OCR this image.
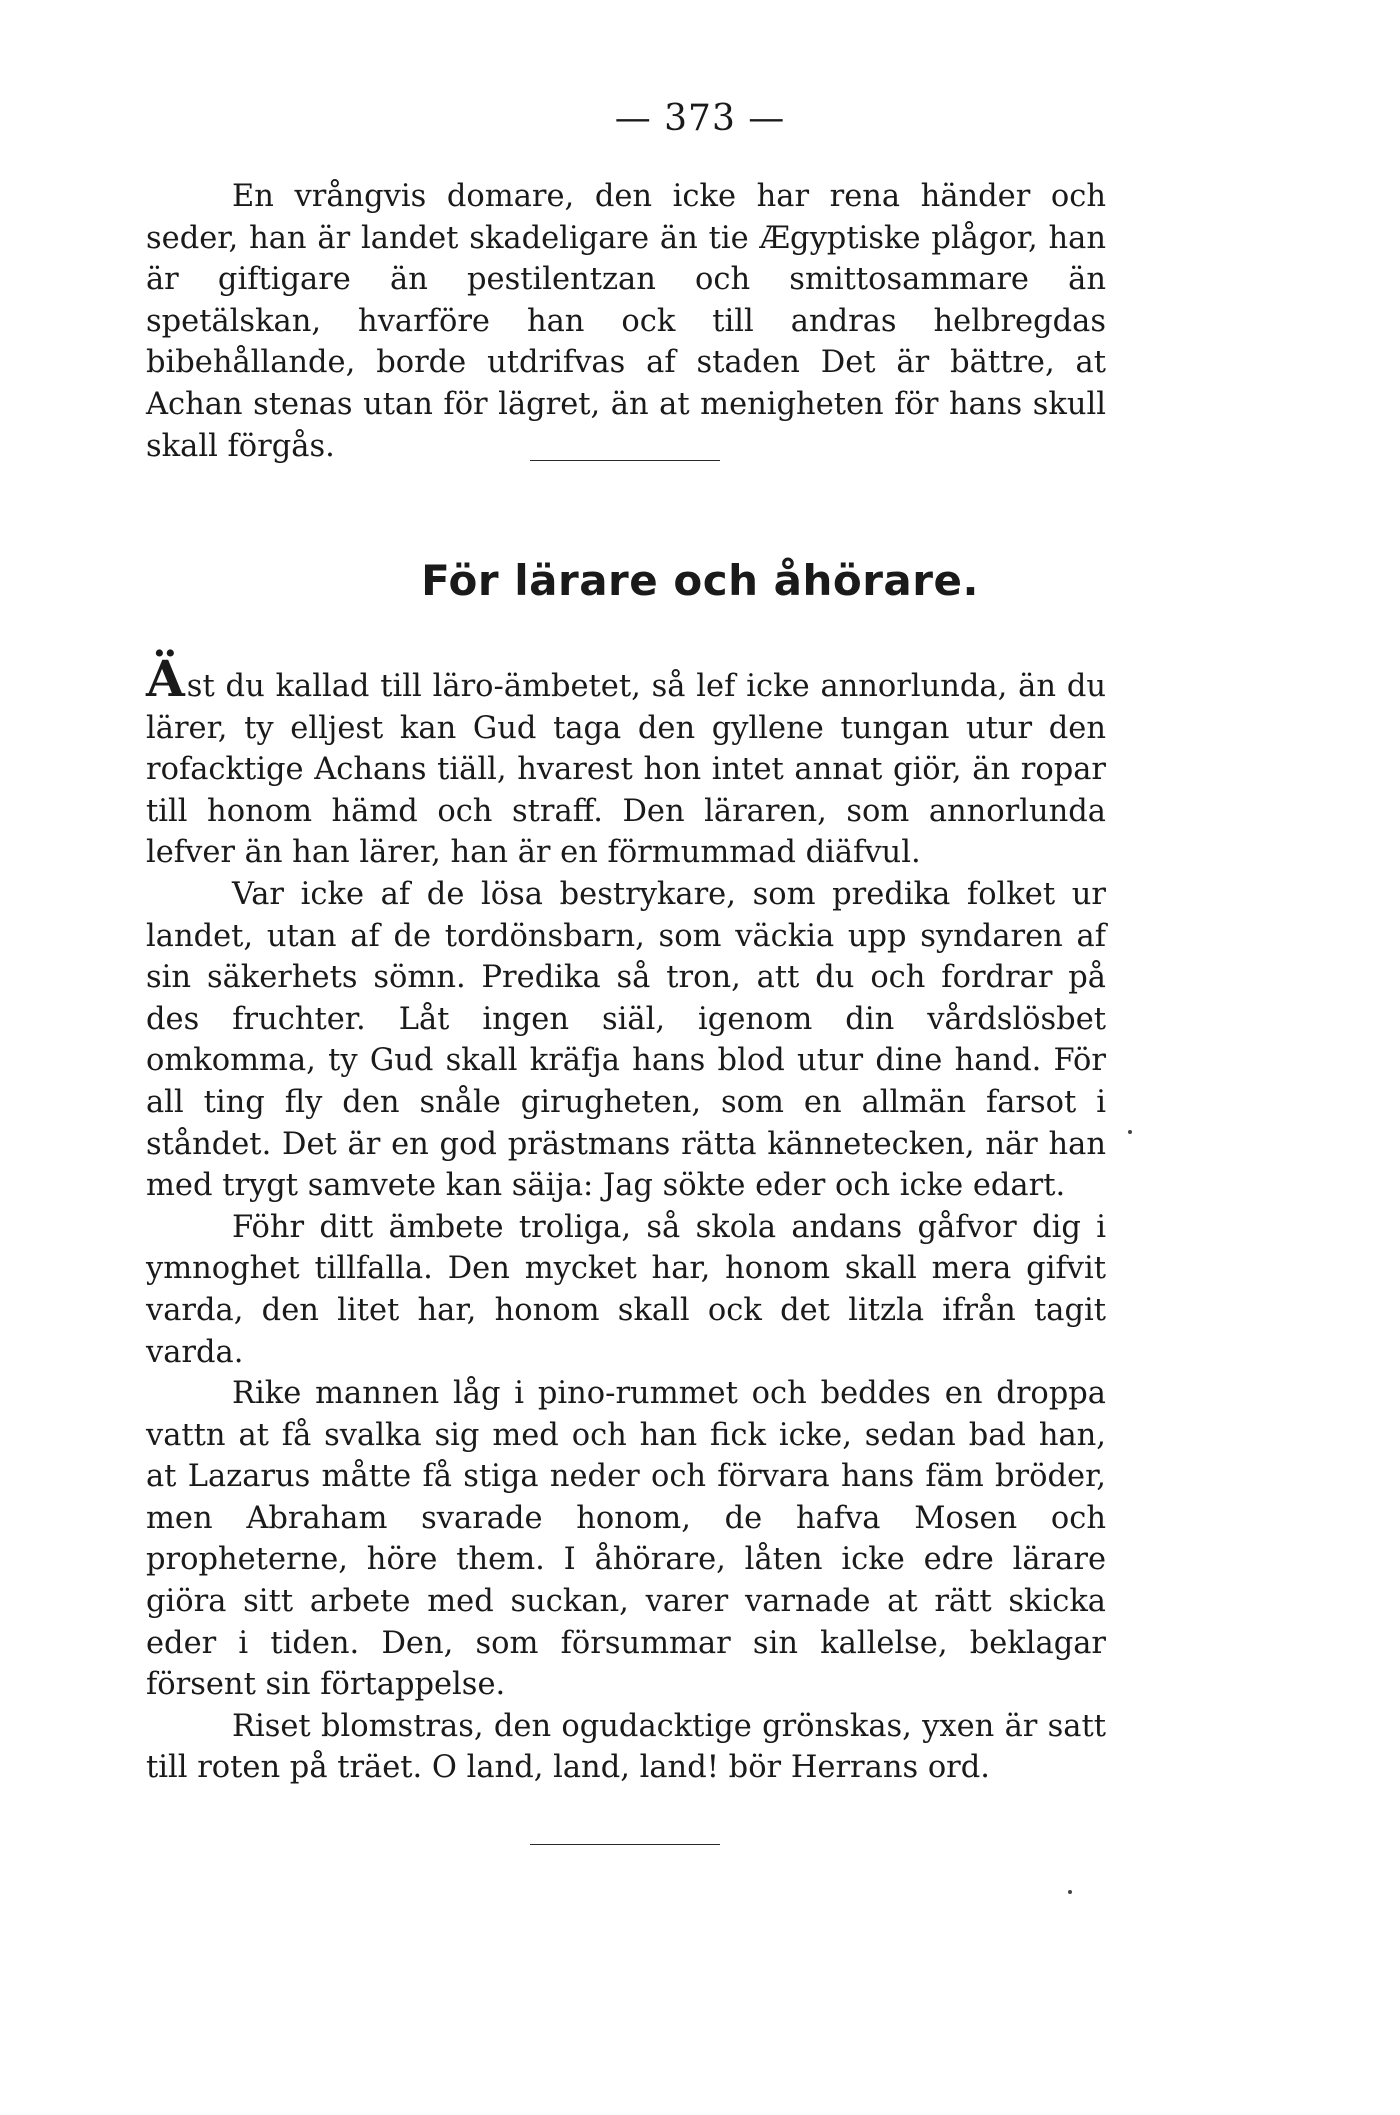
— 373 —

En vrångvis domare, den icke har rena händer och seder, han är landet skadeligare än tie Ægyptiske plågor, han är giftigare än pestilentzan och smittosammare än spetälskan, hvarföre han ock till andras helbregdas bibehållande, borde utdrifvas af staden Det är bättre, at Achan stenas utan för lägret, än at menigheten för hans skull skall förgås.

För lärare och åhörare.

Äst du kallad till läro-ämbetet, så lef icke annorlunda, än du lärer, ty elljest kan Gud taga den gyllene tungan utur den rofacktige Achans tiäll, hvarest hon intet annat giör, än ropar till honom hämd och straff. Den läraren, som annorlunda lefver än han lärer, han är en förmummad diäfvul.

Var icke af de lösa bestrykare, som predika folket ur landet, utan af de tordönsbarn, som väckia upp syndaren af sin säkerhets sömn. Predika så tron, att du och fordrar på des fruchter. Låt ingen siäl, igenom din vårdslösbet omkomma, ty Gud skall kräfja hans blod utur dine hand. För all ting fly den snåle girugheten, som en allmän farsot i ståndet. Det är en god prästmans rätta kännetecken, när han med trygt samvete kan säija: Jag sökte eder och icke edart.

Föhr ditt ämbete troliga, så skola andans gåfvor dig i ymnoghet tillfalla. Den mycket har, honom skall mera gifvit varda, den litet har, honom skall ock det litzla ifrån tagit varda.

Rike mannen låg i pino-rummet och beddes en droppa vattn at få svalka sig med och han fick icke, sedan bad han, at Lazarus måtte få stiga neder och förvara hans fäm bröder, men Abraham svarade honom, de hafva Mosen och propheterne, höre them. I åhörare, låten icke edre lärare giöra sitt arbete med suckan, varer varnade at rätt skicka eder i tiden. Den, som försummar sin kallelse, beklagar försent sin förtappelse.

Riset blomstras, den ogudacktige grönskas, yxen är satt till roten på träet. O land, land, land! bör Herrans ord.
